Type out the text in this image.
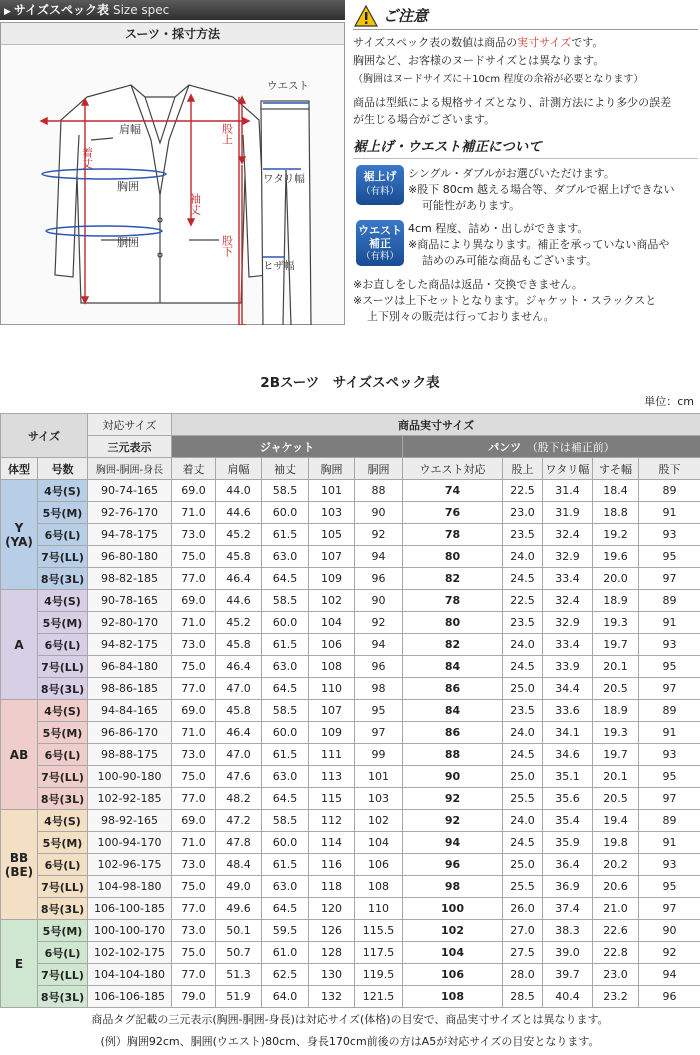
▶ サイズスペック表 Size spec
スーツ・採寸方法
肩幅
着丈
胸囲
胴囲
袖丈
ウエスト
股上
ワタリ幅
ヒザ幅
股下
ご注意
サイズスペック表の数値は商品の実寸サイズです。
胸囲など、お客様のヌードサイズとは異なります。
（胸囲はヌードサイズに＋10cm 程度の余裕が必要となります）
商品は型紙による規格サイズとなり、計測方法により多少の誤差
が生じる場合がございます。
裾上げ・ウエスト補正について
裾上げ
（有料）
シングル・ダブルがお選びいただけます。
※股下 80cm 越える場合等、ダブルで裾上げできない
可能性があります。
ウエスト
補正
（有料）
4cm 程度、詰め・出しができます。
※商品により異なります。補正を承っていない商品や
詰めのみ可能な商品もございます。
※お直しをした商品は返品・交換できません。
※スーツは上下セットとなります。ジャケット・スラックスと
上下別々の販売は行っておりません。
2Bスーツ　サイズスペック表
単位：cm
サイズ		対応サイズ	商品実寸サイズ									
		三元表示	ジャケット					パンツ　 （股下は補正前）				
体型	号数	胸囲-胴囲-身長	着丈	肩幅	袖丈	胸囲	胴囲	ウエスト対応	股上	ワタリ幅	すそ幅	股下

Y
(YA)	4号(S)	90-74-165	69.0	44.0	58.5	101	88	74	22.5	31.4	18.4	89
	5号(M)	92-76-170	71.0	44.6	60.0	103	90	76	23.0	31.9	18.8	91
	6号(L)	94-78-175	73.0	45.2	61.5	105	92	78	23.5	32.4	19.2	93
	7号(LL)	96-80-180	75.0	45.8	63.0	107	94	80	24.0	32.9	19.6	95
	8号(3L)	98-82-185	77.0	46.4	64.5	109	96	82	24.5	33.4	20.0	97

A	4号(S)	90-78-165	69.0	44.6	58.5	102	90	78	22.5	32.4	18.9	89
	5号(M)	92-80-170	71.0	45.2	60.0	104	92	80	23.5	32.9	19.3	91
	6号(L)	94-82-175	73.0	45.8	61.5	106	94	82	24.0	33.4	19.7	93
	7号(LL)	96-84-180	75.0	46.4	63.0	108	96	84	24.5	33.9	20.1	95
	8号(3L)	98-86-185	77.0	47.0	64.5	110	98	86	25.0	34.4	20.5	97

AB	4号(S)	94-84-165	69.0	45.8	58.5	107	95	84	23.5	33.6	18.9	89
	5号(M)	96-86-170	71.0	46.4	60.0	109	97	86	24.0	34.1	19.3	91
	6号(L)	98-88-175	73.0	47.0	61.5	111	99	88	24.5	34.6	19.7	93
	7号(LL)	100-90-180	75.0	47.6	63.0	113	101	90	25.0	35.1	20.1	95
	8号(3L)	102-92-185	77.0	48.2	64.5	115	103	92	25.5	35.6	20.5	97

BB
(BE)	4号(S)	98-92-165	69.0	47.2	58.5	112	102	92	24.0	35.4	19.4	89
	5号(M)	100-94-170	71.0	47.8	60.0	114	104	94	24.5	35.9	19.8	91
	6号(L)	102-96-175	73.0	48.4	61.5	116	106	96	25.0	36.4	20.2	93
	7号(LL)	104-98-180	75.0	49.0	63.0	118	108	98	25.5	36.9	20.6	95
	8号(3L)	106-100-185	77.0	49.6	64.5	120	110	100	26.0	37.4	21.0	97

E	5号(M)	100-100-170	73.0	50.1	59.5	126	115.5	102	27.0	38.3	22.6	90
	6号(L)	102-102-175	75.0	50.7	61.0	128	117.5	104	27.5	39.0	22.8	92
	7号(LL)	104-104-180	77.0	51.3	62.5	130	119.5	106	28.0	39.7	23.0	94
	8号(3L)	106-106-185	79.0	51.9	64.0	132	121.5	108	28.5	40.4	23.2	96
商品タグ記載の三元表示(胸囲-胴囲-身長)は対応サイズ(体格)の目安で、商品実寸サイズとは異なります。
(例）胸囲92cm、胴囲(ウエスト)80cm、身長170cm前後の方はA5が対応サイズの目安となります。
